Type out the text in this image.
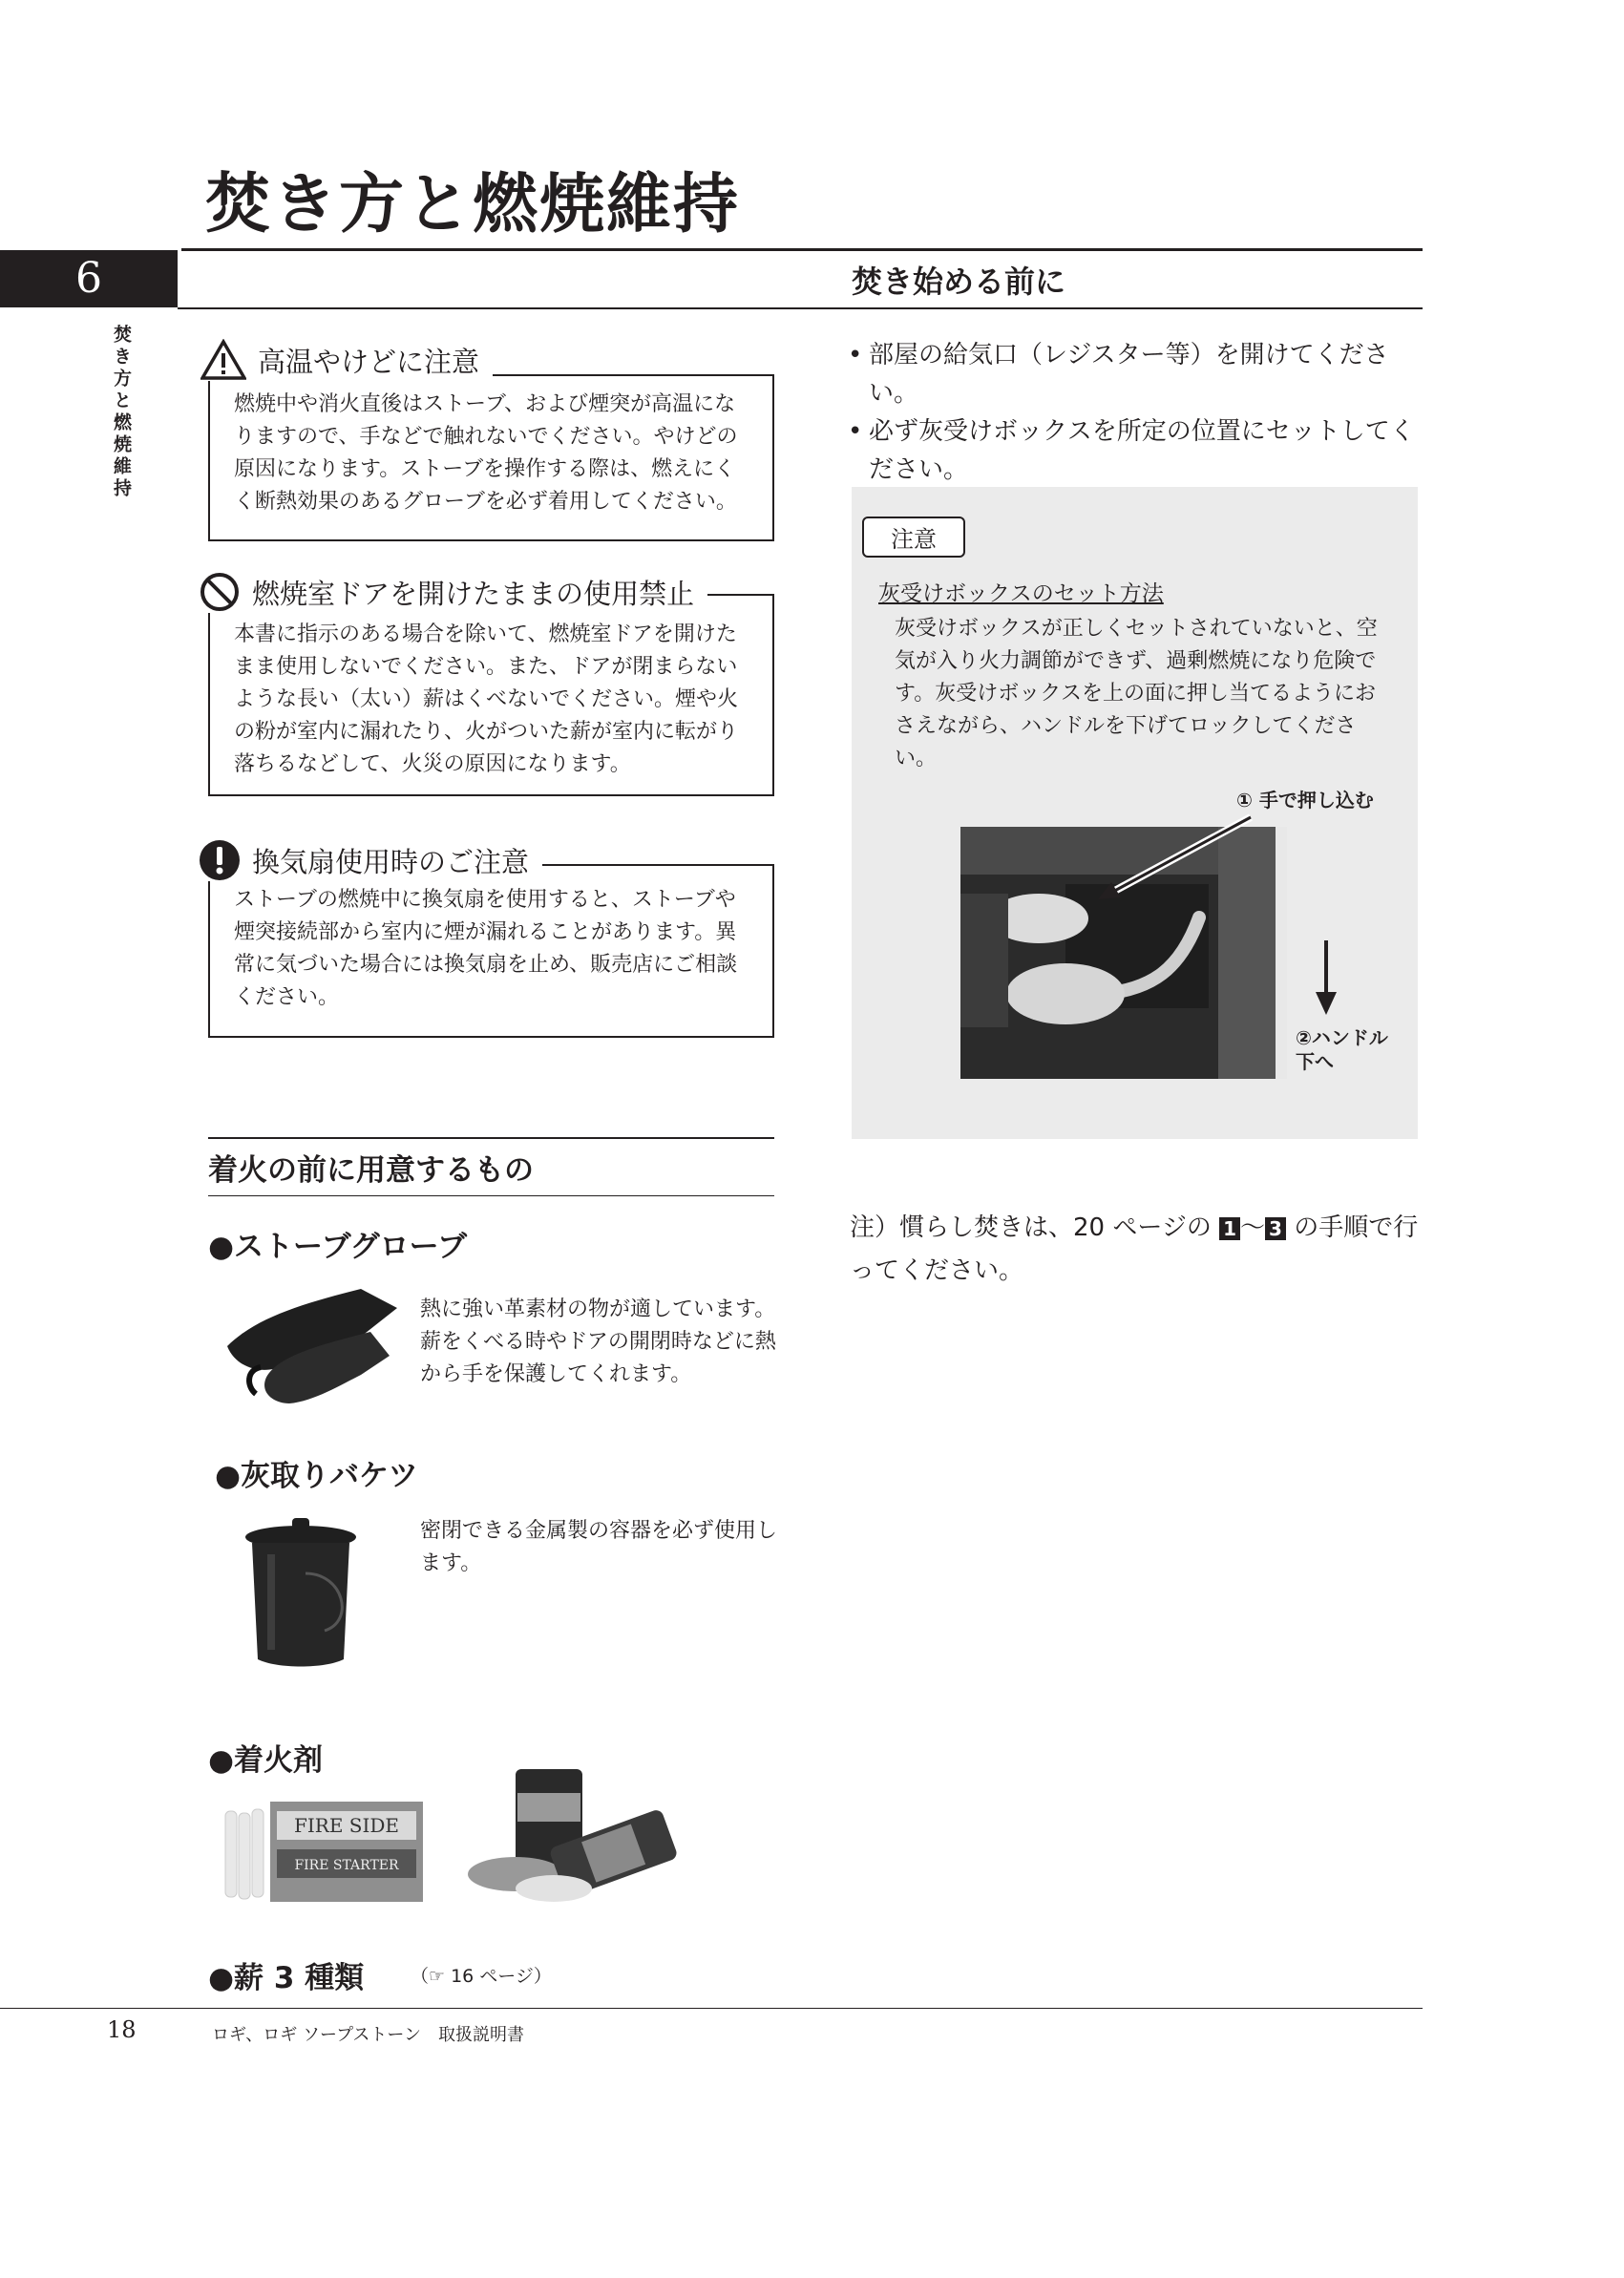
焚き方と燃焼維持
6
焚き方と燃焼維持
焚き始める前に
高温やけどに注意
燃焼中や消火直後はストーブ、および煙突が高温になりますので、手などで触れないでください。やけどの原因になります。ストーブを操作する際は、燃えにくく断熱効果のあるグローブを必ず着用してください。
燃焼室ドアを開けたままの使用禁止
本書に指示のある場合を除いて、燃焼室ドアを開けたまま使用しないでください。また、ドアが閉まらないような長い（太い）薪はくべないでください。煙や火の粉が室内に漏れたり、火がついた薪が室内に転がり落ちるなどして、火災の原因になります。
換気扇使用時のご注意
ストーブの燃焼中に換気扇を使用すると、ストーブや煙突接続部から室内に煙が漏れることがあります。異常に気づいた場合には換気扇を止め、販売店にご相談ください。
• 部屋の給気口（レジスター等）を開けてください。
• 必ず灰受けボックスを所定の位置にセットしてください。
注意
灰受けボックスのセット方法
灰受けボックスが正しくセットされていないと、空気が入り火力調節ができず、過剰燃焼になり危険です。灰受けボックスを上の面に押し当てるようにおさえながら、ハンドルを下げてロックしてください。
① 手で押し込む
②ハンドル
下へ
注）慣らし焚きは、20 ページの 1 ～ 3 の手順で行ってください。
着火の前に用意するもの
●ストーブグローブ
熱に強い革素材の物が適しています。薪をくべる時やドアの開閉時などに熱から手を保護してくれます。
●灰取りバケツ
密閉できる金属製の容器を必ず使用します。
●着火剤
FIRE SIDE
FIRE STARTER
●薪 3 種類	（☞ 16 ページ）
18	ロギ、ロギ ソープストーン　取扱説明書
